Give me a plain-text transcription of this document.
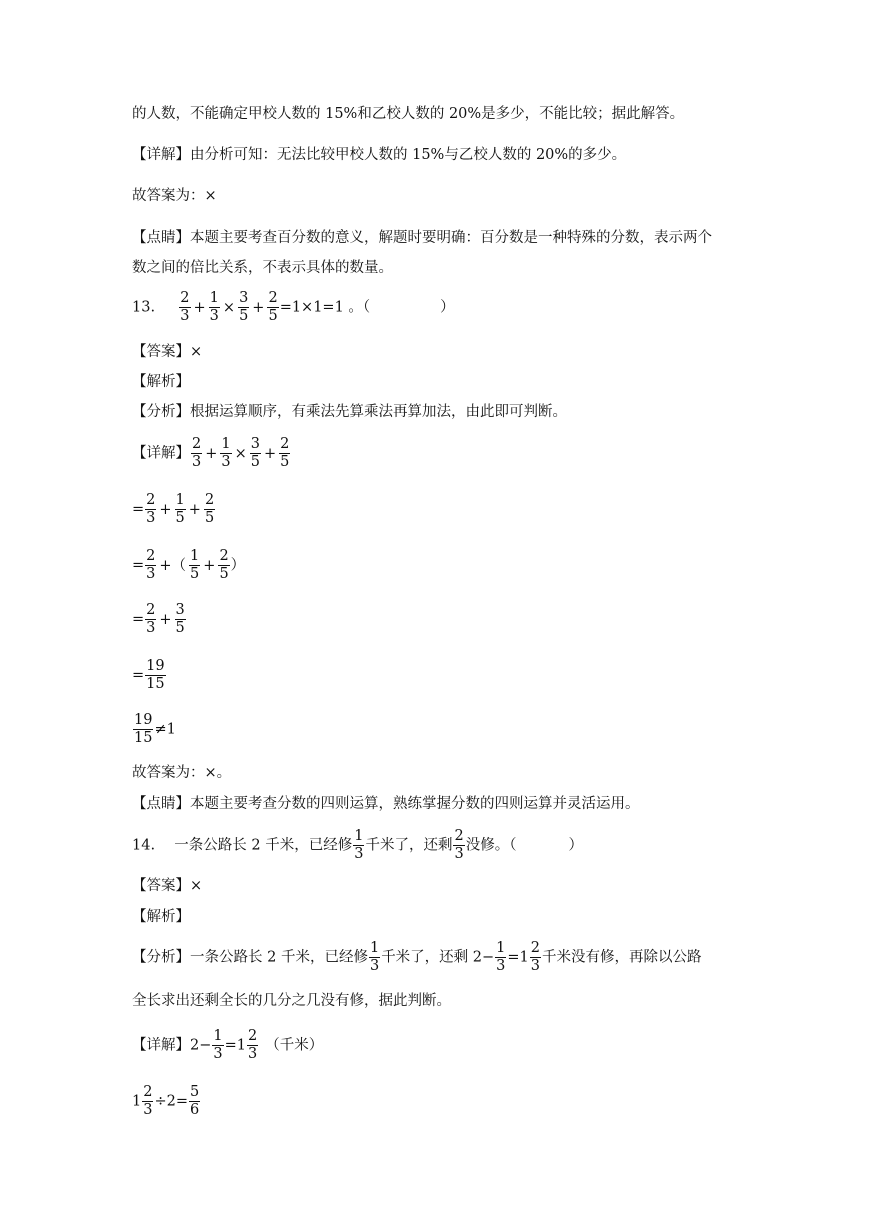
的人数，不能确定甲校人数的 15%和乙校人数的 20%是多少，不能比较；据此解答。
【详解】由分析可知：无法比较甲校人数的 15%与乙校人数的 20%的多少。
故答案为：×
【点睛】本题主要考查百分数的意义，解题时要明确：百分数是一种特殊的分数，表示两个
数之间的倍比关系，不表示具体的数量。
13. $\frac{2}{3} + \frac{1}{3} \times \frac{3}{5} + \frac{2}{5} =1\times 1=1$ 。（	）
【答案】×
【解析】
【分析】根据运算顺序，有乘法先算乘法再算加法，由此即可判断。
【详解】 $\frac{2}{3} + \frac{1}{3} \times \frac{3}{5} + \frac{2}{5}$
= $\frac{2}{3} + \frac{1}{5} + \frac{2}{5}$
= $\frac{2}{3}$ +（ $\frac{1}{5} + \frac{2}{5}$ ）
= $\frac{2}{3} + \frac{3}{5}$
= $\frac{19}{15}$
$\frac{19}{15} \ne 1$
故答案为：×。
【点睛】本题主要考查分数的四则运算，熟练掌握分数的四则运算并灵活运用。
14. 一条公路长 2 千米，已经修 $\frac{1}{3}$ 千米了，还剩 $\frac{2}{3}$ 没修。（	）
【答案】×
【解析】
【分析】一条公路长 2 千米，已经修 $\frac{1}{3}$ 千米了，还剩 $2- \frac{1}{3} =1 \frac{2}{3}$ 千米没有修，再除以公路
全长求出还剩全长的几分之几没有修，据此判断。
【详解】$2- \frac{1}{3} =1 \frac{2}{3}$ （千米）
$1 \frac{2}{3} \div 2= \frac{5}{6}$
